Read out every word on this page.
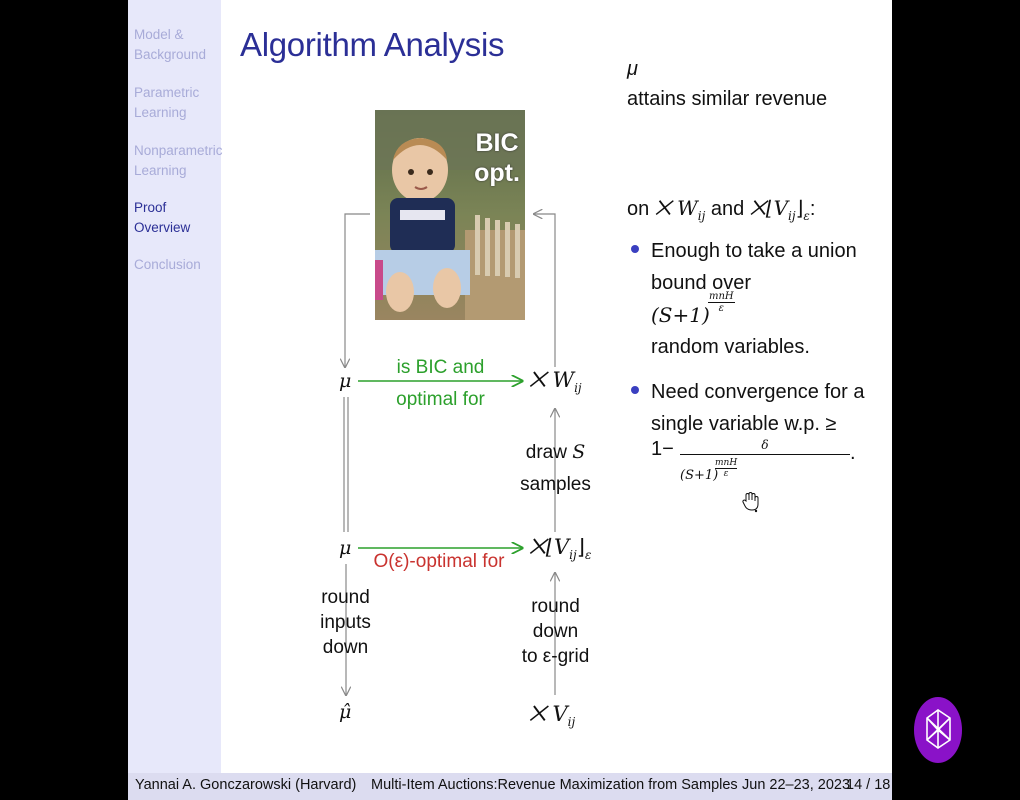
Model &
Background
Parametric
Learning
Nonparametric
Learning
Proof
Overview
Conclusion
Algorithm Analysis
BIC
opt.
μ
μ
μ̂
⨉ $W_{ij}$
$⨉⌊V_{ij}⌋_\varepsilon$
⨉ $V_{ij}$
is BIC and
optimal for
O(ε)-optimal for
draw S
samples
round
inputs
down
round
down
to ε-grid
μ
attains similar revenue
on ⨉ $W_{ij}$ and $⨉⌊V_{ij}⌋_\varepsilon$:
Enough to take a union
bound over
(S+1)
mnH
ε
random variables.
Need convergence for a
single variable w.p. ≥
1−	δ
(S+1)
mnH
ε
.
Yannai A. Gonczarowski (Harvard) Multi-Item Auctions:Revenue Maximization from Samples Jun 22–23, 2023
14 / 18
